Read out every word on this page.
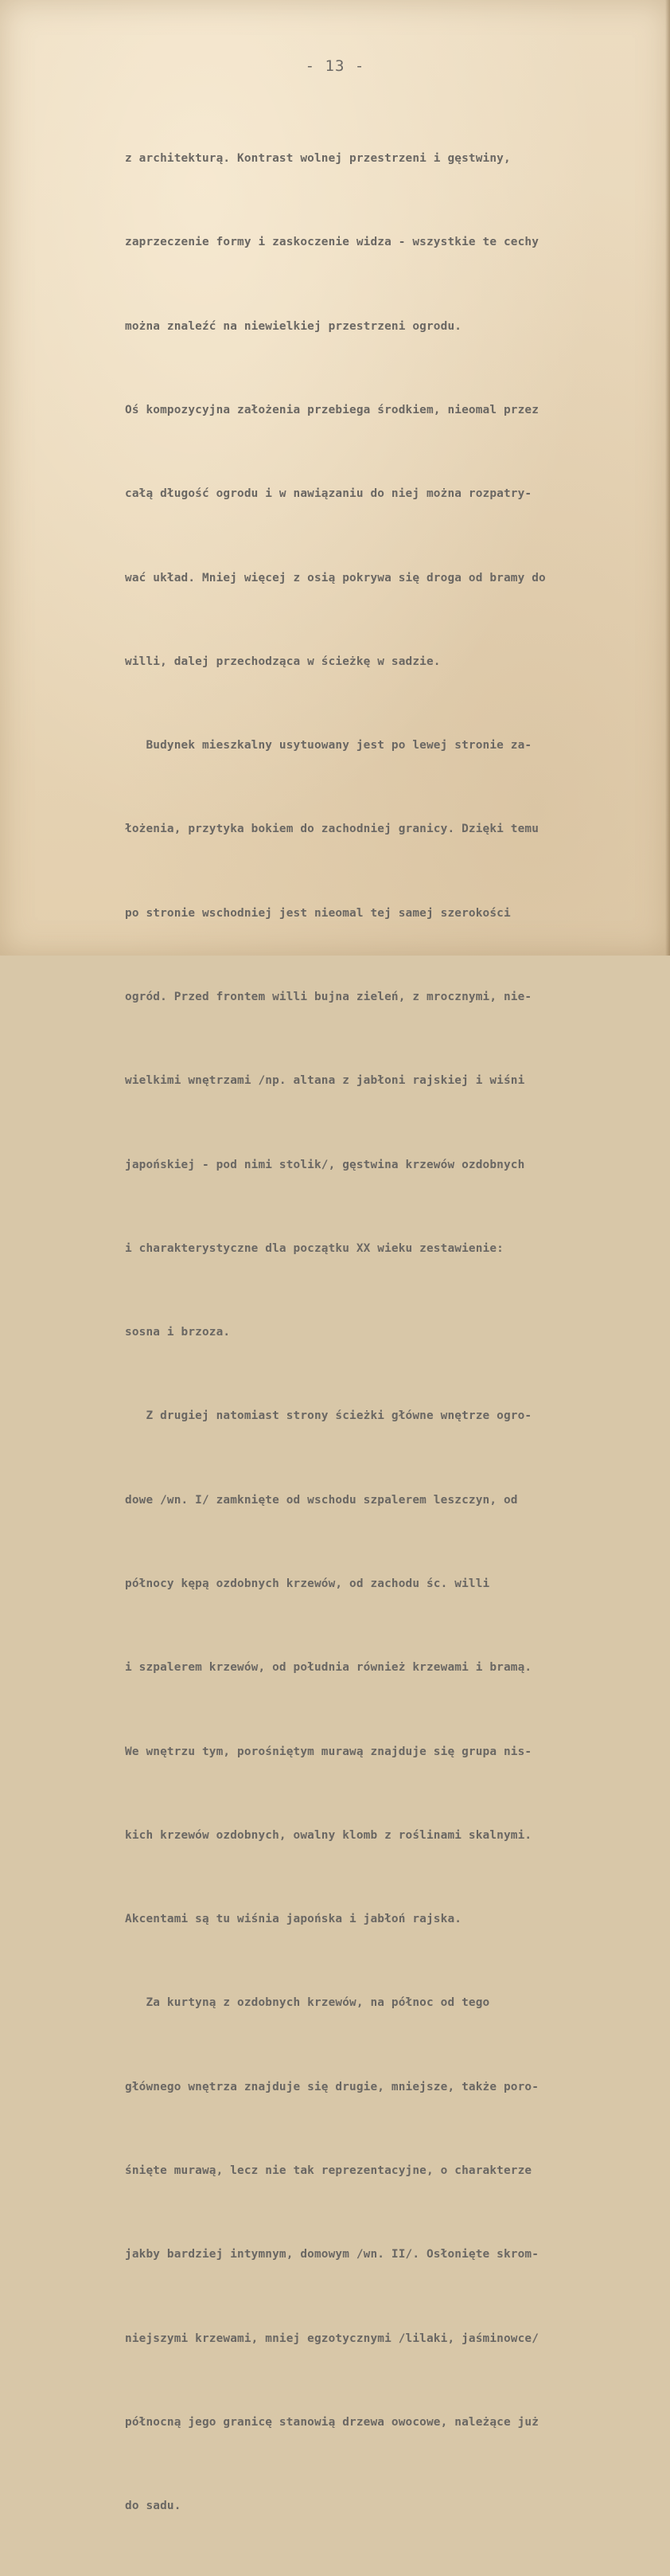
- 13 -

z architekturą. Kontrast wolnej przestrzeni i gęstwiny,

zaprzeczenie formy i zaskoczenie widza - wszystkie te cechy

można znaleźć na niewielkiej przestrzeni ogrodu.

Oś kompozycyjna założenia przebiega środkiem, nieomal przez

całą długość ogrodu i w nawiązaniu do niej można rozpatry-

wać układ. Mniej więcej z osią pokrywa się droga od bramy do

willi, dalej przechodząca w ścieżkę w sadzie.

Budynek mieszkalny usytuowany jest po lewej stronie za-

łożenia, przytyka bokiem do zachodniej granicy. Dzięki temu

po stronie wschodniej jest nieomal tej samej szerokości

ogród. Przed frontem willi bujna zieleń, z mrocznymi, nie-

wielkimi wnętrzami /np. altana z jabłoni rajskiej i wiśni

japońskiej - pod nimi stolik/, gęstwina krzewów ozdobnych

i charakterystyczne dla początku XX wieku zestawienie:

sosna i brzoza.

Z drugiej natomiast strony ścieżki główne wnętrze ogro-

dowe /wn. I/ zamknięte od wschodu szpalerem leszczyn, od

północy kępą ozdobnych krzewów, od zachodu śc. willi

i szpalerem krzewów, od południa również krzewami i bramą.

We wnętrzu tym, porośniętym murawą znajduje się grupa nis-

kich krzewów ozdobnych, owalny klomb z roślinami skalnymi.

Akcentami są tu wiśnia japońska i jabłoń rajska.

Za kurtyną z ozdobnych krzewów, na północ od tego

głównego wnętrza znajduje się drugie, mniejsze, także poro-

śnięte murawą, lecz nie tak reprezentacyjne, o charakterze

jakby bardziej intymnym, domowym /wn. II/. Osłonięte skrom-

niejszymi krzewami, mniej egzotycznymi /lilaki, jaśminowce/

północną jego granicę stanowią drzewa owocowe, należące już

do sadu.
